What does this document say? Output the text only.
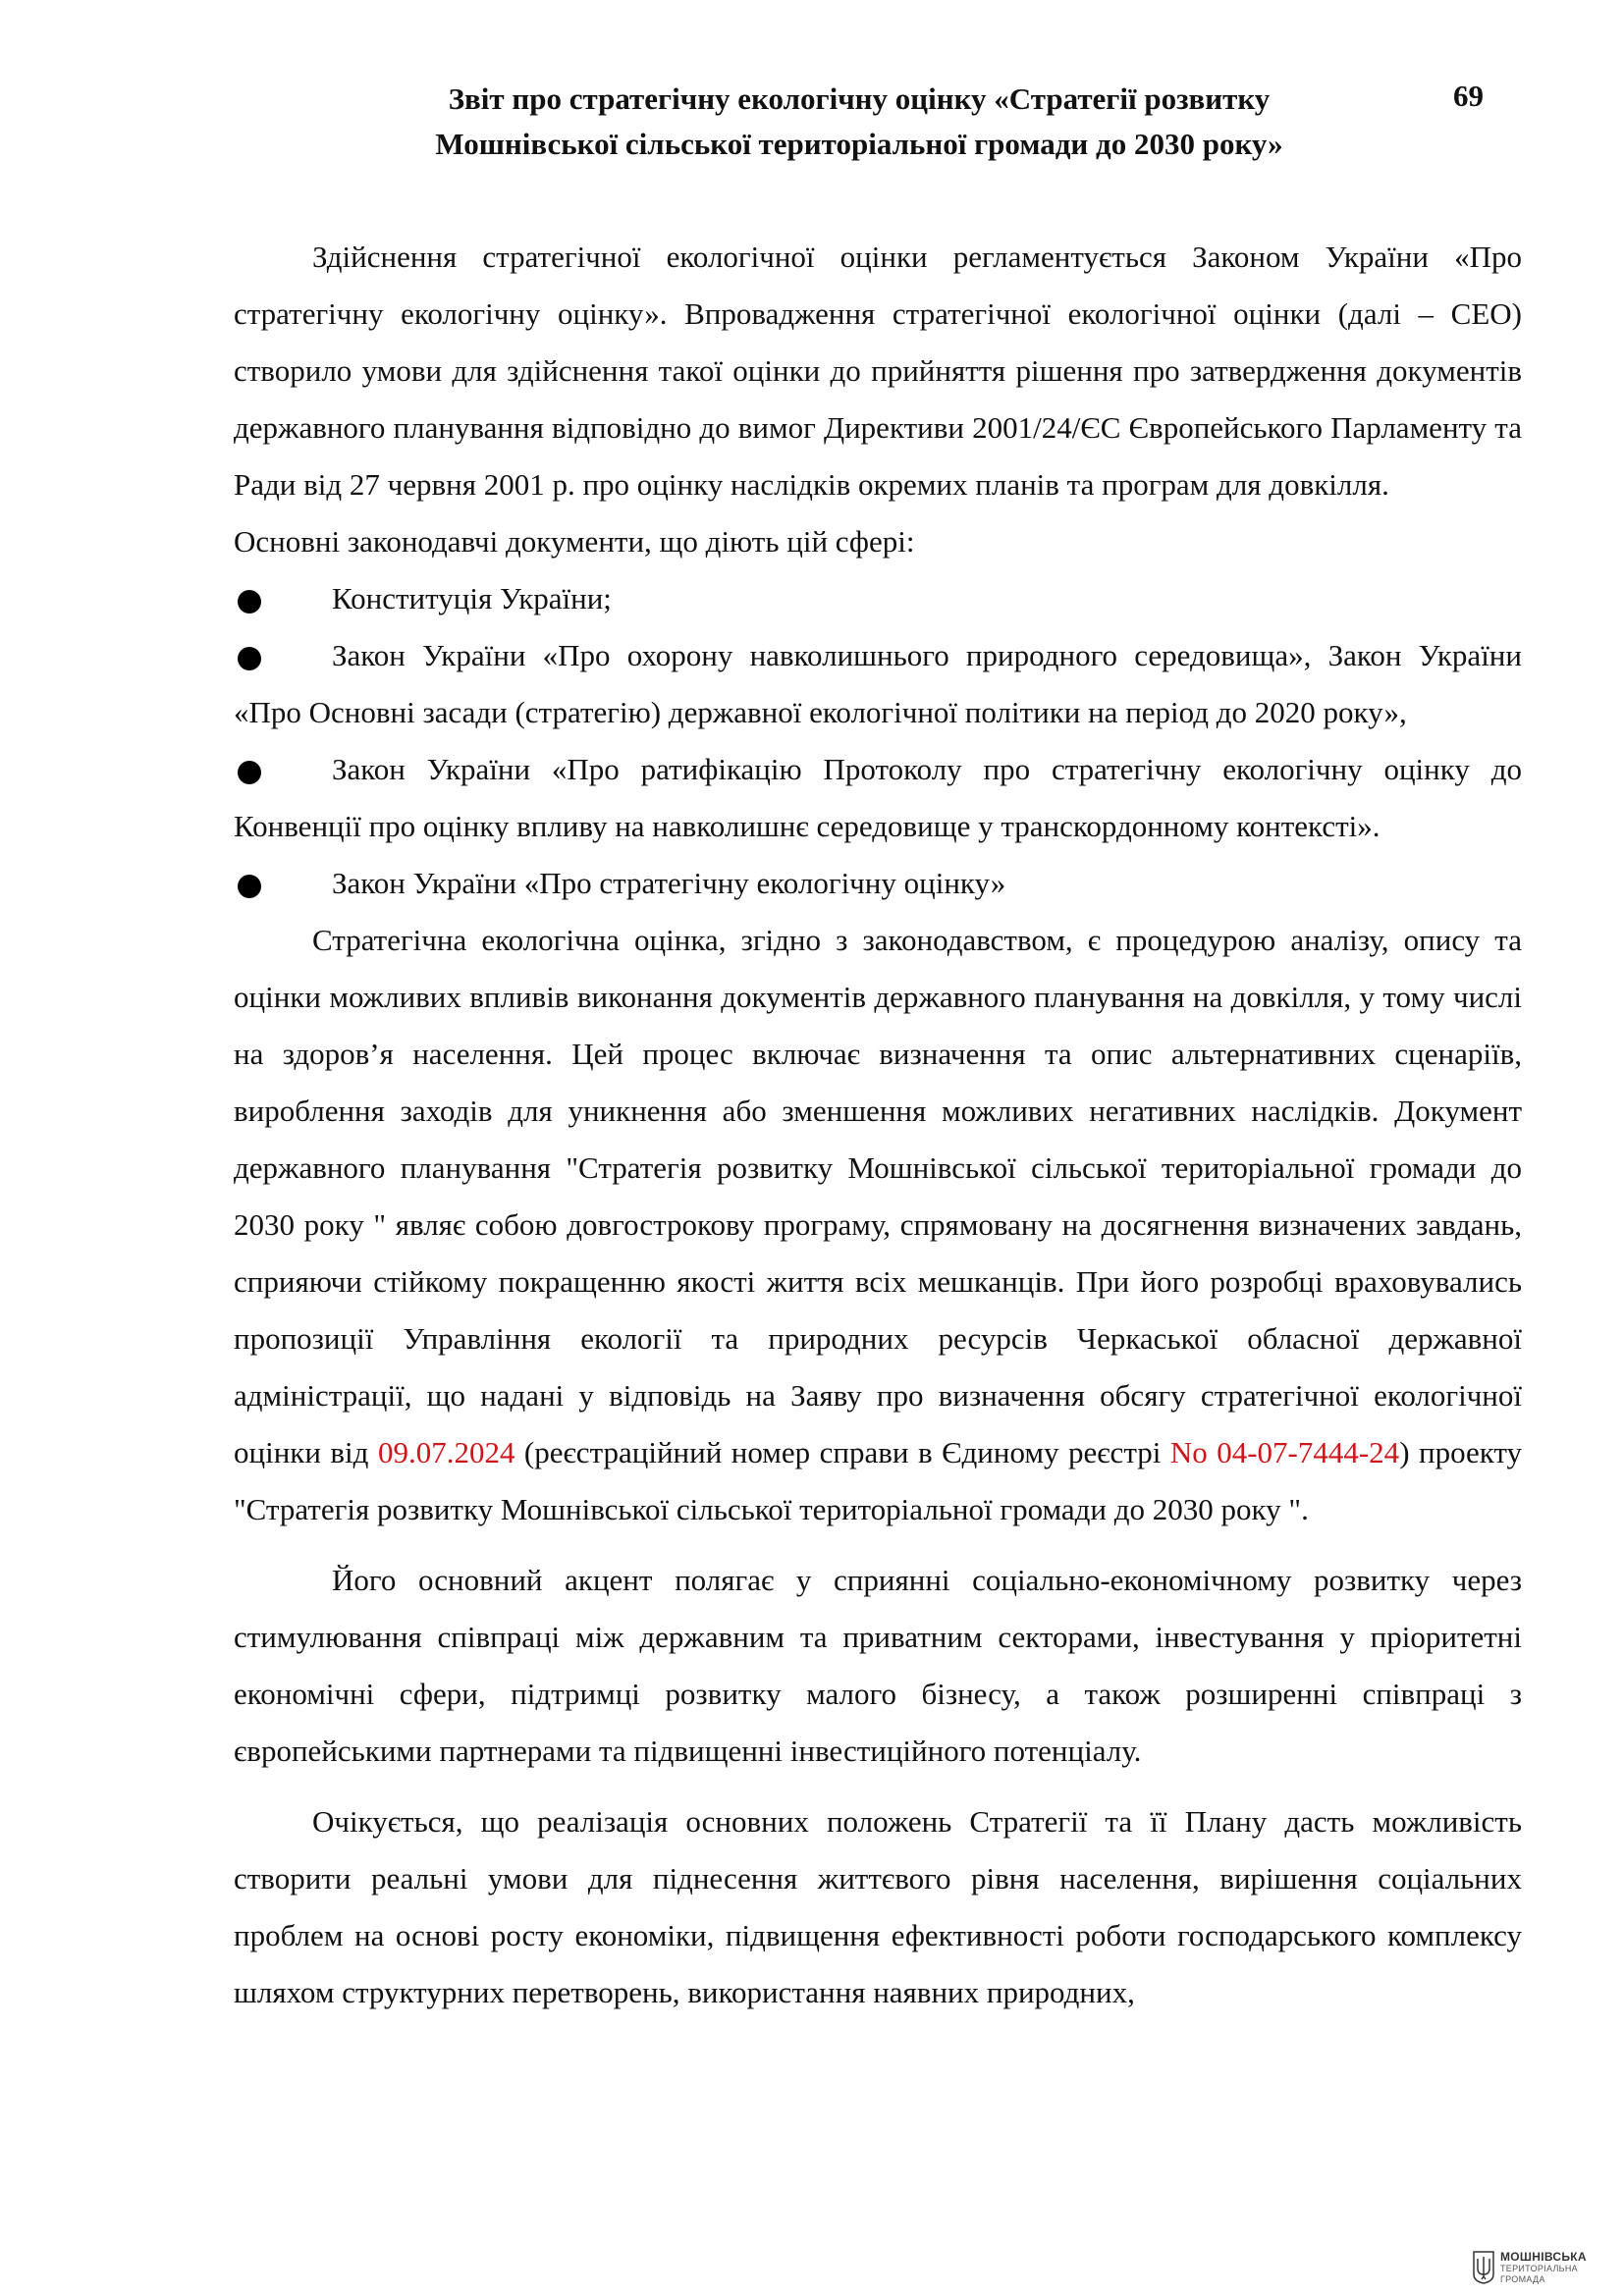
Звіт про стратегічну екологічну оцінку «Стратегії розвитку
Мошнівської сільської територіальної громади до 2030 року»
69

Здійснення стратегічної екологічної оцінки регламентується Законом України «Про стратегічну екологічну оцінку». Впровадження стратегічної екологічної оцінки (далі – СЕО) створило умови для здійснення такої оцінки до прийняття рішення про затвердження документів державного планування відповідно до вимог Директиви 2001/24/ЄС Європейського Парламенту та Ради від 27 червня 2001 р. про оцінку наслідків окремих планів та програм для довкілля.

Основні законодавчі документи, що діють цій сфері:

Конституція України;

Закон України «Про охорону навколишнього природного середовища», Закон України «Про Основні засади (стратегію) державної екологічної політики на період до 2020 року»,

Закон України «Про ратифікацію Протоколу про стратегічну екологічну оцінку до Конвенції про оцінку впливу на навколишнє середовище у транскордонному контексті».

Закон України «Про стратегічну екологічну оцінку»

Стратегічна екологічна оцінка, згідно з законодавством, є процедурою аналізу, опису та оцінки можливих впливів виконання документів державного планування на довкілля, у тому числі на здоров’я населення. Цей процес включає визначення та опис альтернативних сценаріїв, вироблення заходів для уникнення або зменшення можливих негативних наслідків. Документ державного планування "Стратегія розвитку Мошнівської сільської територіальної громади до 2030 року " являє собою довгострокову програму, спрямовану на досягнення визначених завдань, сприяючи стійкому покращенню якості життя всіх мешканців. При його розробці враховувались пропозиції Управління екології та природних ресурсів Черкаської обласної державної адміністрації, що надані у відповідь на Заяву про визначення обсягу стратегічної екологічної оцінки від 09.07.2024 (реєстраційний номер справи в Єдиному реєстрі No 04-07-7444-24) проекту "Стратегія розвитку Мошнівської сільської територіальної громади до 2030 року ".

Його основний акцент полягає у сприянні соціально-економічному розвитку через стимулювання співпраці між державним та приватним секторами, інвестування у пріоритетні економічні сфери, підтримці розвитку малого бізнесу, а також розширенні співпраці з європейськими партнерами та підвищенні інвестиційного потенціалу.

Очікується, що реалізація основних положень Стратегії та її Плану дасть можливість створити реальні умови для піднесення життєвого рівня населення, вирішення соціальних проблем на основі росту економіки, підвищення ефективності роботи господарського комплексу шляхом структурних перетворень, використання наявних природних,

МОШНІВСЬКА
ТЕРИТОРІАЛЬНА
ГРОМАДА
